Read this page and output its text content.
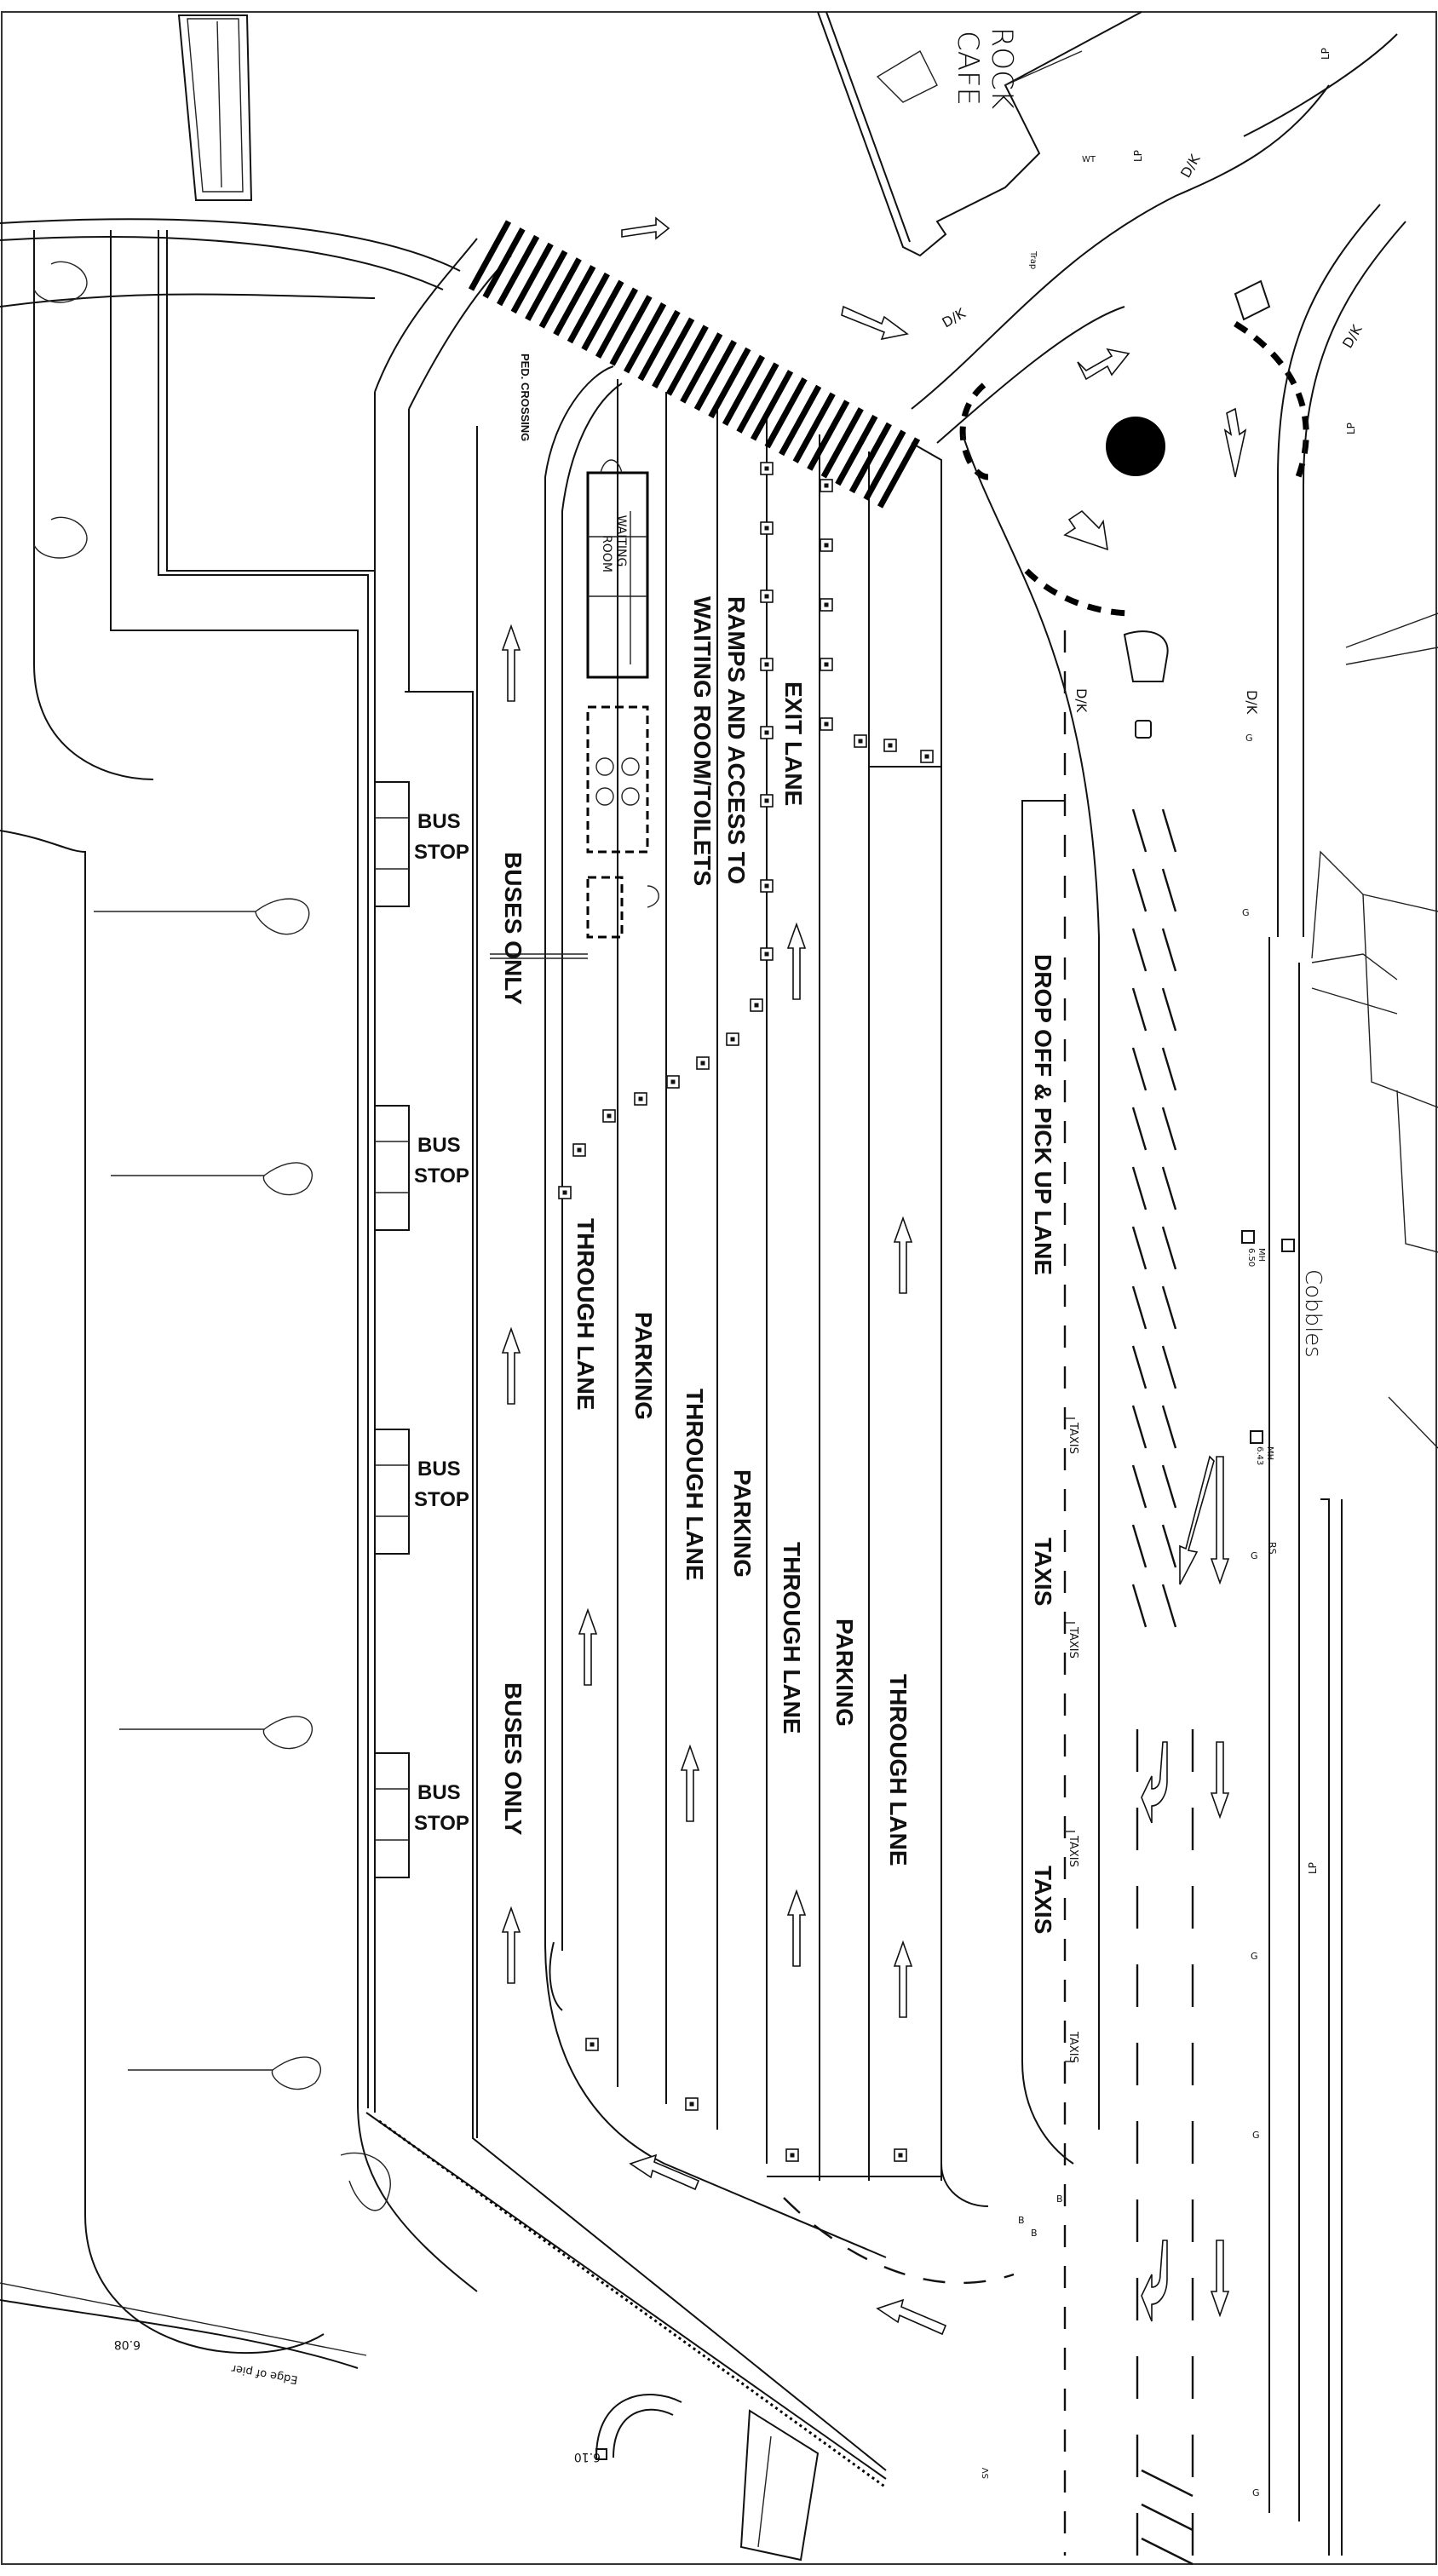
WAITING
ROOM
PED. CROSSING
ROCK
CAFE
Cobbles
BUSES ONLY
BUSES ONLY
THROUGH LANE PARKING
THROUGH LANE PARKING
THROUGH LANE PARKING
THROUGH LANE
EXIT LANE
RAMPS AND ACCESS TO
WAITING ROOM/TOILETS
DROP OFF & PICK UP LANE
TAXIS
TAXIS
BUS
STOP
BUS
STOP
BUS
STOP
BUS
STOP
TAXIS
TAXIS
TAXIS
TAXIS
D/K
D/K
D/K
D/K	D/K
MH
6.50
MH
6.43
6.08
6.10
Edge of pier
LP
LP
LP
LP
G
G
G
G
G
G
RS
B
B
B
Trap
WT
SV
